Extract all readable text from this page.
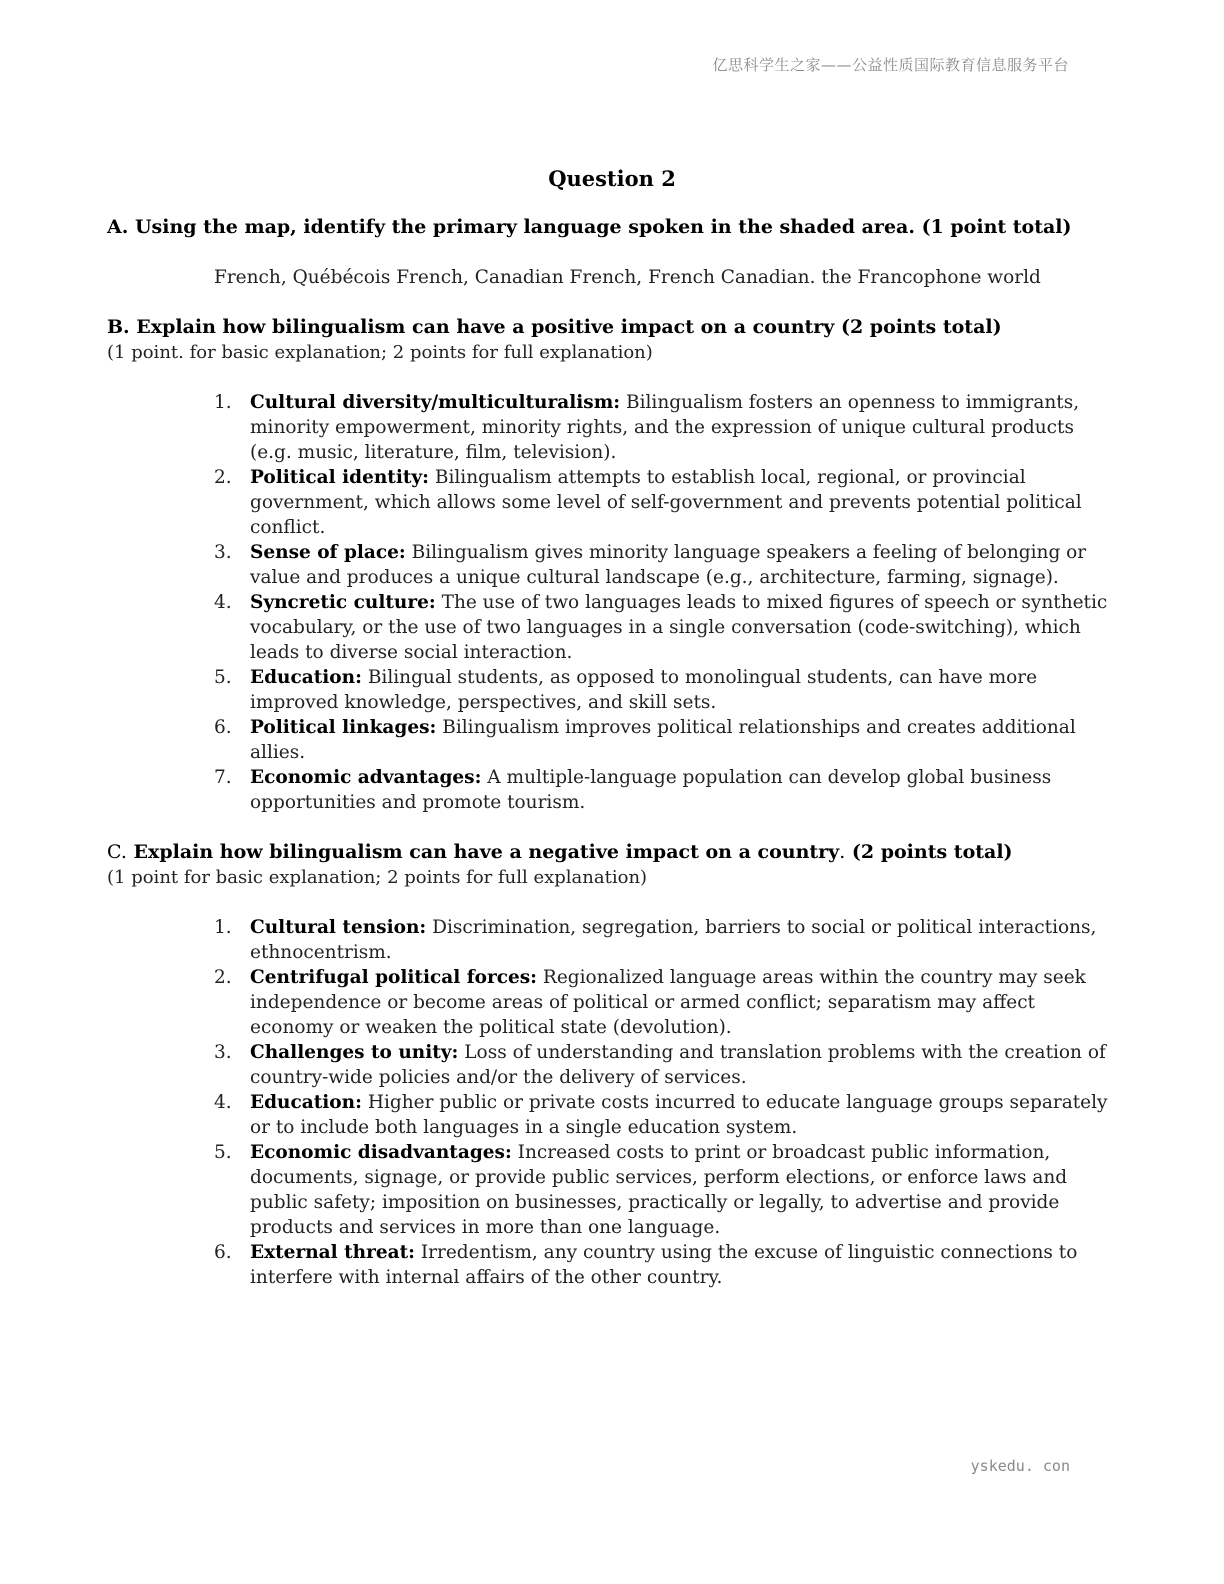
亿思科学生之家——公益性质国际教育信息服务平台
Question 2

A. Using the map, identify the primary language spoken in the shaded area. (1 point total)

French, Québécois French, Canadian French, French Canadian. the Francophone world

B. Explain how bilingualism can have a positive impact on a country (2 points total)

(1 point. for basic explanation; 2 points for full explanation)

1. Cultural diversity/multiculturalism: Bilingualism fosters an openness to immigrants, minority empowerment, minority rights, and the expression of unique cultural products (e.g. music, literature, film, television).
2. Political identity: Bilingualism attempts to establish local, regional, or provincial government, which allows some level of self-government and prevents potential political conflict.
3. Sense of place: Bilingualism gives minority language speakers a feeling of belonging or value and produces a unique cultural landscape (e.g., architecture, farming, signage).
4. Syncretic culture: The use of two languages leads to mixed figures of speech or synthetic vocabulary, or the use of two languages in a single conversation (code-switching), which leads to diverse social interaction.
5. Education: Bilingual students, as opposed to monolingual students, can have more improved knowledge, perspectives, and skill sets.
6. Political linkages: Bilingualism improves political relationships and creates additional allies.
7. Economic advantages: A multiple-language population can develop global business opportunities and promote tourism.

C. Explain how bilingualism can have a negative impact on a country. (2 points total)

(1 point for basic explanation; 2 points for full explanation)

1. Cultural tension: Discrimination, segregation, barriers to social or political interactions, ethnocentrism.
2. Centrifugal political forces: Regionalized language areas within the country may seek independence or become areas of political or armed conflict; separatism may affect economy or weaken the political state (devolution).
3. Challenges to unity: Loss of understanding and translation problems with the creation of country-wide policies and/or the delivery of services.
4. Education: Higher public or private costs incurred to educate language groups separately or to include both languages in a single education system.
5. Economic disadvantages: Increased costs to print or broadcast public information, documents, signage, or provide public services, perform elections, or enforce laws and public safety; imposition on businesses, practically or legally, to advertise and provide products and services in more than one language.
6. External threat: Irredentism, any country using the excuse of linguistic connections to interfere with internal affairs of the other country.
yskedu. con
